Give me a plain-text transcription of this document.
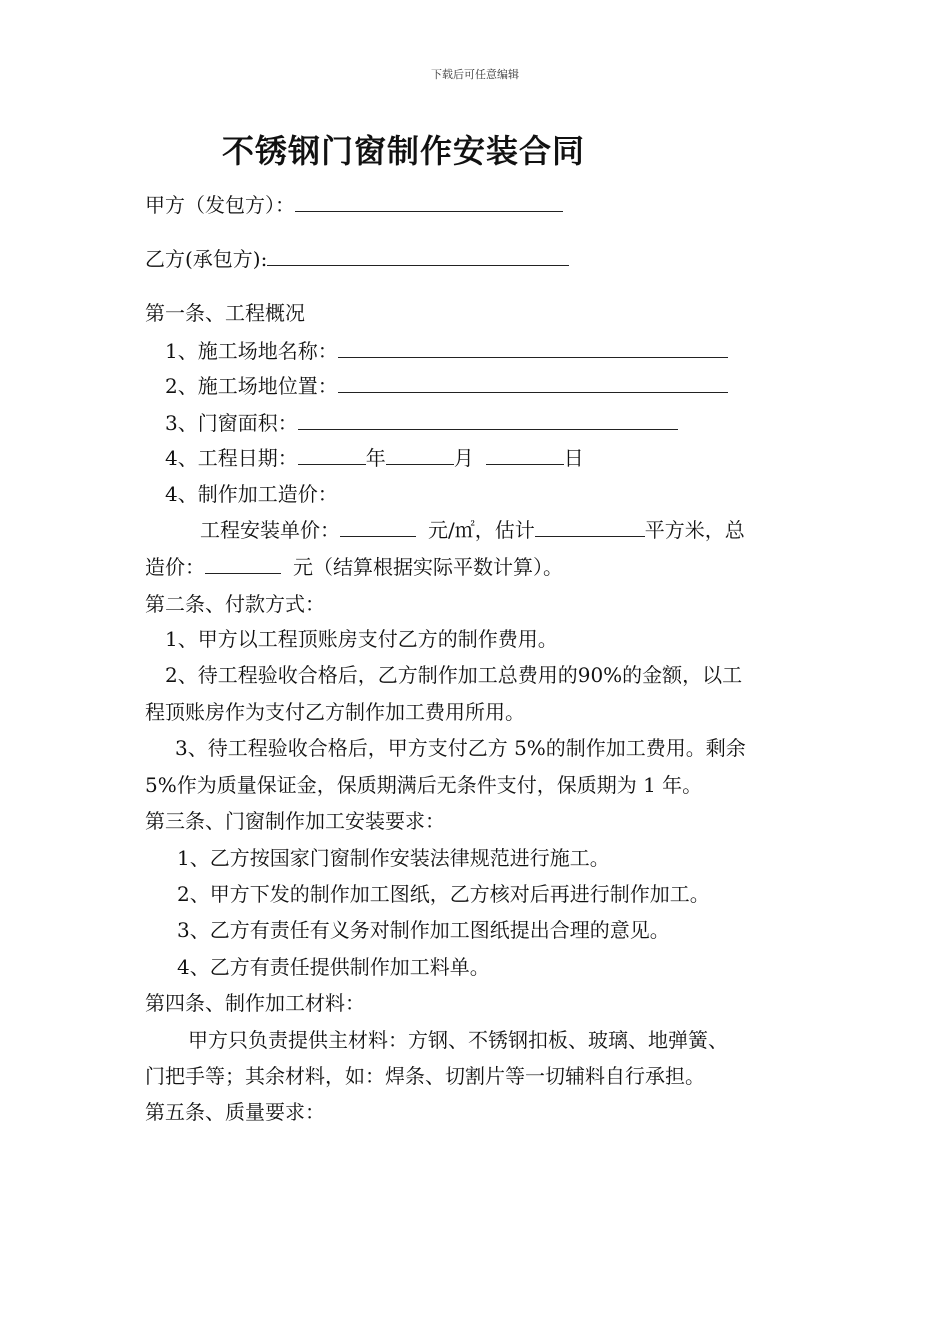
下载后可任意编辑
不锈钢门窗制作安装合同
甲方（发包方）：
乙方(承包方):
第一条、工程概况
1、施工场地名称：
2、施工场地位置：
3、门窗面积：
4、工程日期：	年	月	日
4、制作加工造价：
工程安装单价：	元/㎡，估计	平方米，总
造价：	元（结算根据实际平数计算）。
第二条、付款方式：
1、甲方以工程顶账房支付乙方的制作费用。
2、待工程验收合格后，乙方制作加工总费用的90%的金额，以工
程顶账房作为支付乙方制作加工费用所用。
3、待工程验收合格后，甲方支付乙方 5%的制作加工费用。剩余
5%作为质量保证金，保质期满后无条件支付，保质期为 1 年。
第三条、门窗制作加工安装要求：
1、乙方按国家门窗制作安装法律规范进行施工。
2、甲方下发的制作加工图纸，乙方核对后再进行制作加工。
3、乙方有责任有义务对制作加工图纸提出合理的意见。
4、乙方有责任提供制作加工料单。
第四条、制作加工材料：
甲方只负责提供主材料：方钢、不锈钢扣板、玻璃、地弹簧、
门把手等；其余材料，如：焊条、切割片等一切辅料自行承担。
第五条、质量要求：
